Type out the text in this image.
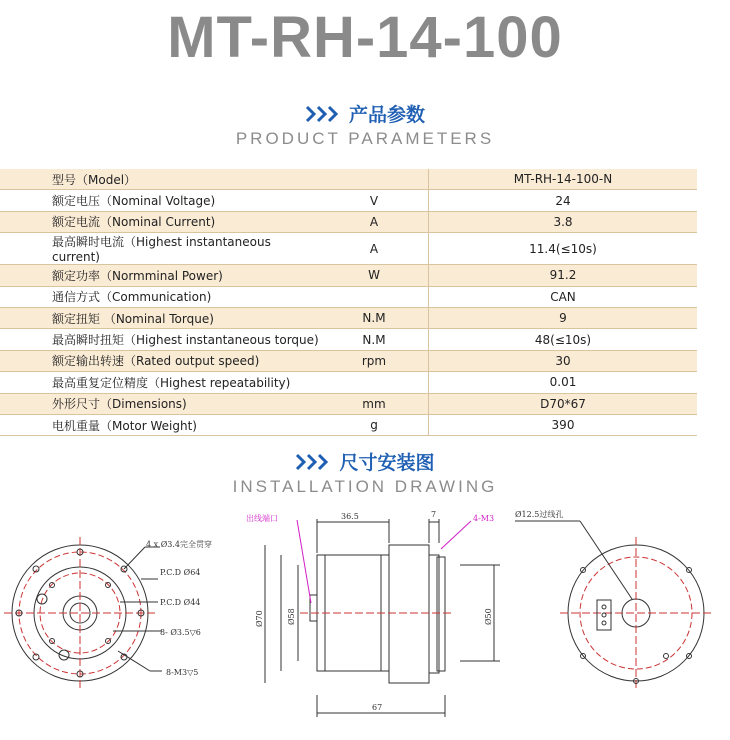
MT-RH-14-100
产品参数
PRODUCT PARAMETERS
型号（Model）		MT-RH-14-100-N
额定电压（Nominal Voltage)	V	24
额定电流（Nominal Current)	A	3.8
最高瞬时电流（Highest instantaneous current)	A	11.4(≤10s)
额定功率（Normminal Power)	W	91.2
通信方式（Communication)		CAN
额定扭矩 （Nominal Torque)	N.M	9
最高瞬时扭矩（Highest instantaneous torque)	N.M	48(≤10s)
额定输出转速（Rated output speed)	rpm	30
最高重复定位精度（Highest repeatability)		0.01
外形尺寸（Dimensions)	mm	D70*67
电机重量（Motor Weight)	g	390
尺寸安装图
INSTALLATION DRAWING
4 x Ø3.4完全贯穿
P.C.D Ø64
P.C.D Ø44
8- Ø3.5▽6
8-M3▽5
出线端口	36.5	7	4-M3
Ø70	Ø58	Ø50
67
Ø12.5过线孔
